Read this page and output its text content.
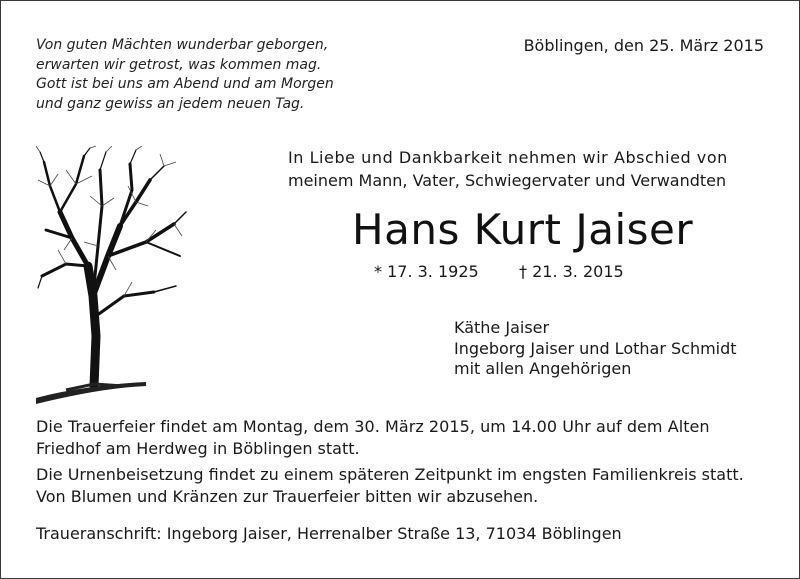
Von guten Mächten wunderbar geborgen,
erwarten wir getrost, was kommen mag.
Gott ist bei uns am Abend und am Morgen
und ganz gewiss an jedem neuen Tag.
Böblingen, den 25. März 2015
In Liebe und Dankbarkeit nehmen wir Abschied von
meinem Mann, Vater, Schwiegervater und Verwandten
Hans Kurt Jaiser
* 17. 3. 1925	† 21. 3. 2015
Käthe Jaiser
Ingeborg Jaiser und Lothar Schmidt
mit allen Angehörigen
Die Trauerfeier findet am Montag, dem 30. März 2015, um 14.00 Uhr auf dem Alten
Friedhof am Herdweg in Böblingen statt.
Die Urnenbeisetzung findet zu einem späteren Zeitpunkt im engsten Familienkreis statt.
Von Blumen und Kränzen zur Trauerfeier bitten wir abzusehen.
Traueranschrift: Ingeborg Jaiser, Herrenalber Straße 13, 71034 Böblingen
